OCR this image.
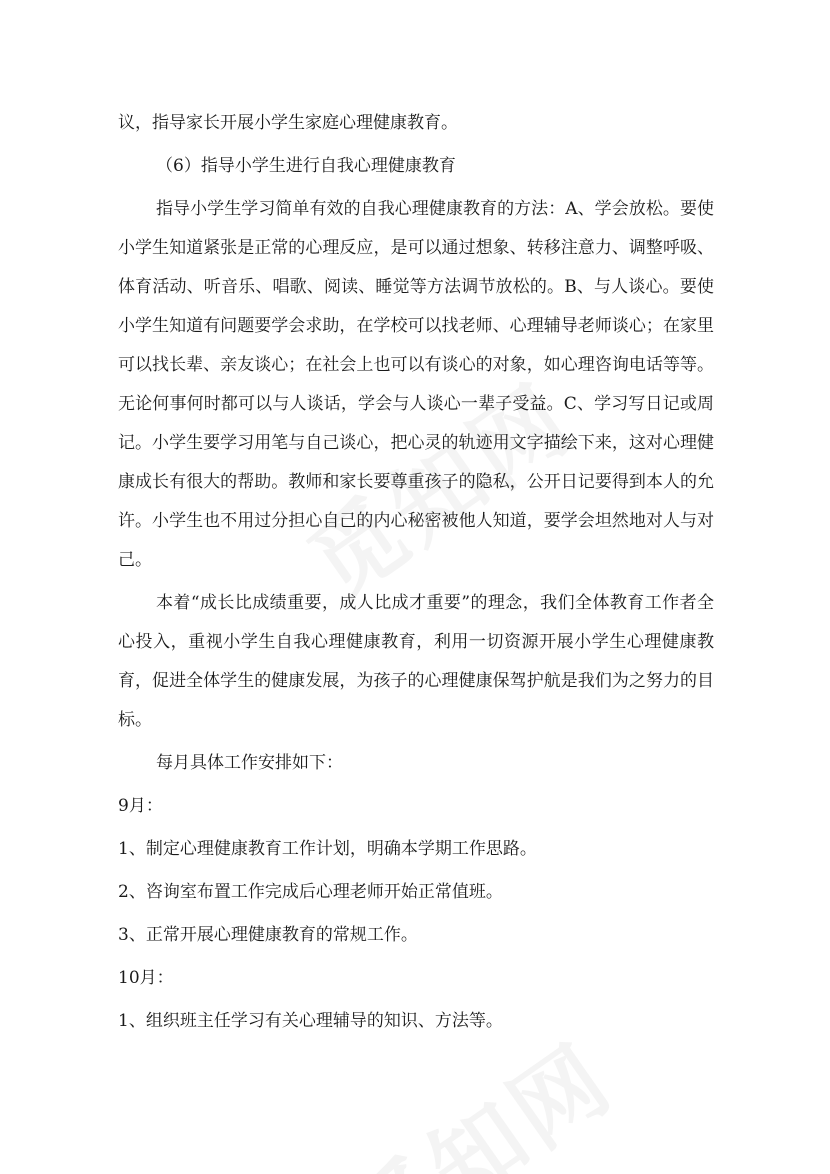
议，指导家长开展小学生家庭心理健康教育。

（6）指导小学生进行自我心理健康教育

指导小学生学习简单有效的自我心理健康教育的方法：A、学会放松。要使小学生知道紧张是正常的心理反应，是可以通过想象、转移注意力、调整呼吸、体育活动、听音乐、唱歌、阅读、睡觉等方法调节放松的。B、与人谈心。要使小学生知道有问题要学会求助，在学校可以找老师、心理辅导老师谈心；在家里可以找长辈、亲友谈心；在社会上也可以有谈心的对象，如心理咨询电话等等。无论何事何时都可以与人谈话，学会与人谈心一辈子受益。C、学习写日记或周记。小学生要学习用笔与自己谈心，把心灵的轨迹用文字描绘下来，这对心理健康成长有很大的帮助。教师和家长要尊重孩子的隐私，公开日记要得到本人的允许。小学生也不用过分担心自己的内心秘密被他人知道，要学会坦然地对人与对己。

本着“成长比成绩重要，成人比成才重要”的理念，我们全体教育工作者全心投入，重视小学生自我心理健康教育，利用一切资源开展小学生心理健康教育，促进全体学生的健康发展，为孩子的心理健康保驾护航是我们为之努力的目标。

每月具体工作安排如下：

9月：

1、制定心理健康教育工作计划，明确本学期工作思路。
2、咨询室布置工作完成后心理老师开始正常值班。
3、正常开展心理健康教育的常规工作。

10月：

1、组织班主任学习有关心理辅导的知识、方法等。
